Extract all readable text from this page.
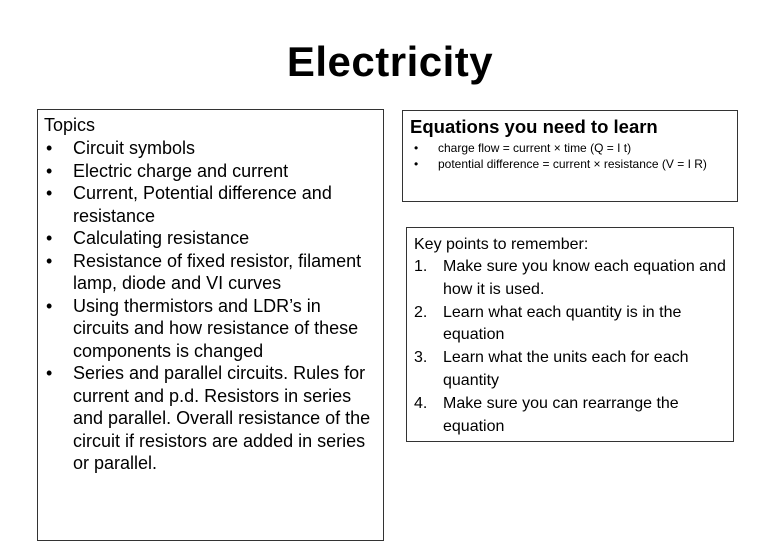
Electricity
Topics
• Circuit symbols
• Electric charge and current
• Current, Potential difference and resistance
• Calculating resistance
• Resistance of fixed resistor, filament lamp, diode and VI curves
• Using thermistors and LDR’s in circuits and how resistance of these components is changed
• Series and parallel circuits. Rules for current and p.d. Resistors in series and parallel. Overall resistance of the circuit if resistors are added in series or parallel.
Equations you need to learn
• charge flow = current × time (Q = I t)
• potential difference = current × resistance (V = I R)
Key points to remember:
1. Make sure you know each equation and how it is used.
2. Learn what each quantity is in the equation
3. Learn what the units each for each quantity
4. Make sure you can rearrange the equation
